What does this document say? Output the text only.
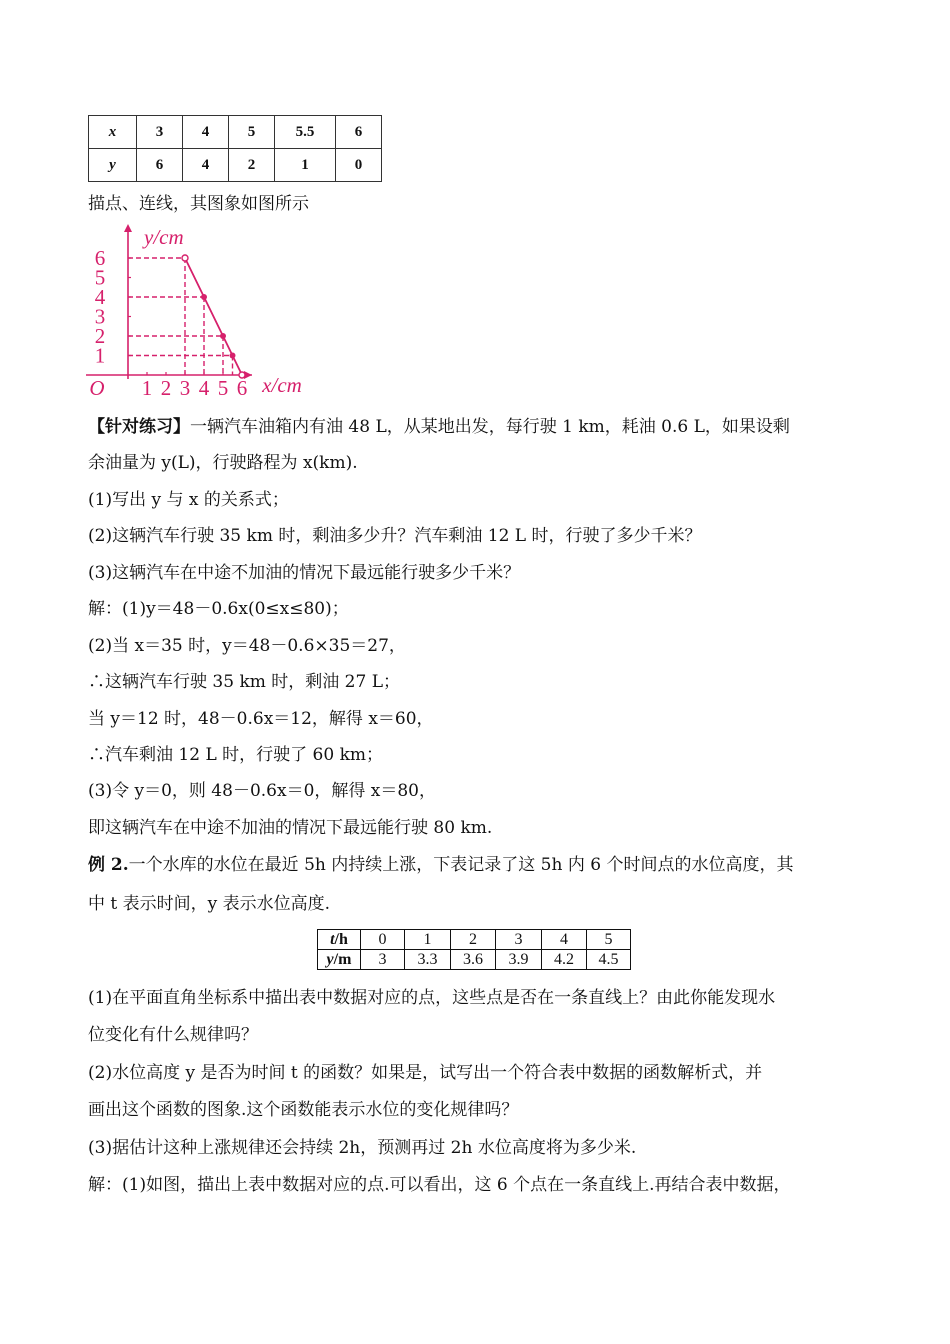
x	3	4	5	5.5	6
y	6	4	2	1	0
描点、连线，其图象如图所示
1 2 3 4 5 6
1
2
3
4
5
6
O	x/cm
y/cm
【针对练习】一辆汽车油箱内有油 48 L，从某地出发，每行驶 1 km，耗油 0.6 L，如果设剩
余油量为 y(L)，行驶路程为 x(km).
(1)写出 y 与 x 的关系式；
(2)这辆汽车行驶 35 km 时，剩油多少升？汽车剩油 12 L 时，行驶了多少千米？
(3)这辆汽车在中途不加油的情况下最远能行驶多少千米？
解：(1)y＝48－0.6x(0≤x≤80)；
(2)当 x＝35 时，y＝48－0.6×35＝27，
∴这辆汽车行驶 35 km 时，剩油 27 L；
当 y＝12 时，48－0.6x＝12，解得 x＝60，
∴汽车剩油 12 L 时，行驶了 60 km；
(3)令 y＝0，则 48－0.6x＝0，解得 x＝80，
即这辆汽车在中途不加油的情况下最远能行驶 80 km.
例 2.一个水库的水位在最近 5h 内持续上涨，下表记录了这 5h 内 6 个时间点的水位高度，其
中 t 表示时间，y 表示水位高度.
t/h	0	1	2	3	4	5
y/m	3	3.3	3.6	3.9	4.2	4.5
(1)在平面直角坐标系中描出表中数据对应的点，这些点是否在一条直线上？由此你能发现水
位变化有什么规律吗？
(2)水位高度 y 是否为时间 t 的函数？如果是，试写出一个符合表中数据的函数解析式，并
画出这个函数的图象.这个函数能表示水位的变化规律吗？
(3)据估计这种上涨规律还会持续 2h，预测再过 2h 水位高度将为多少米.
解：(1)如图，描出上表中数据对应的点.可以看出，这 6 个点在一条直线上.再结合表中数据，
